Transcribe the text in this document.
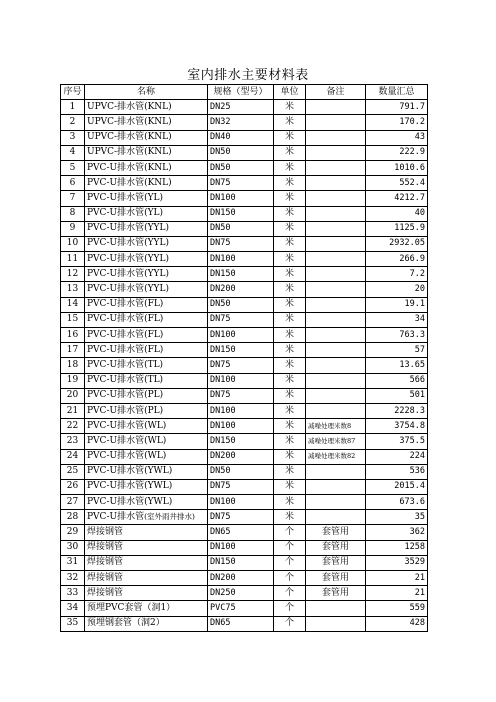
室内排水主要材料表
序号	名称	规格（型号）	单位	备注	数量汇总
1	UPVC-排水管(KNL)	DN25	米		791.7
2	UPVC-排水管(KNL)	DN32	米		170.2
3	UPVC-排水管(KNL)	DN40	米		43
4	UPVC-排水管(KNL)	DN50	米		222.9
5	PVC-U排水管(KNL)	DN50	米		1010.6
6	PVC-U排水管(KNL)	DN75	米		552.4
7	PVC-U排水管(YL)	DN100	米		4212.7
8	PVC-U排水管(YL)	DN150	米		40
9	PVC-U排水管(YYL)	DN50	米		1125.9
10	PVC-U排水管(YYL)	DN75	米		2932.05
11	PVC-U排水管(YYL)	DN100	米		266.9
12	PVC-U排水管(YYL)	DN150	米		7.2
13	PVC-U排水管(YYL)	DN200	米		20
14	PVC-U排水管(FL)	DN50	米		19.1
15	PVC-U排水管(FL)	DN75	米		34
16	PVC-U排水管(FL)	DN100	米		763.3
17	PVC-U排水管(FL)	DN150	米		57
18	PVC-U排水管(TL)	DN75	米		13.65
19	PVC-U排水管(TL)	DN100	米		566
20	PVC-U排水管(PL)	DN75	米		501
21	PVC-U排水管(PL)	DN100	米		2228.3
22	PVC-U排水管(WL)	DN100	米	减噪处理米数8	3754.8
23	PVC-U排水管(WL)	DN150	米	减噪处理米数87	375.5
24	PVC-U排水管(WL)	DN200	米	减噪处理米数82	224
25	PVC-U排水管(YWL)	DN50	米		536
26	PVC-U排水管(YWL)	DN75	米		2015.4
27	PVC-U排水管(YWL)	DN100	米		673.6
28	PVC-U排水管(室外雨井排水)	DN75	米		35
29	焊接钢管	DN65	个	套管用	362
30	焊接钢管	DN100	个	套管用	1258
31	焊接钢管	DN150	个	套管用	3529
32	焊接钢管	DN200	个	套管用	21
33	焊接钢管	DN250	个	套管用	21
34	预埋PVC套管（洞1）	PVC75	个		559
35	预埋钢套管（洞2）	DN65	个		428
